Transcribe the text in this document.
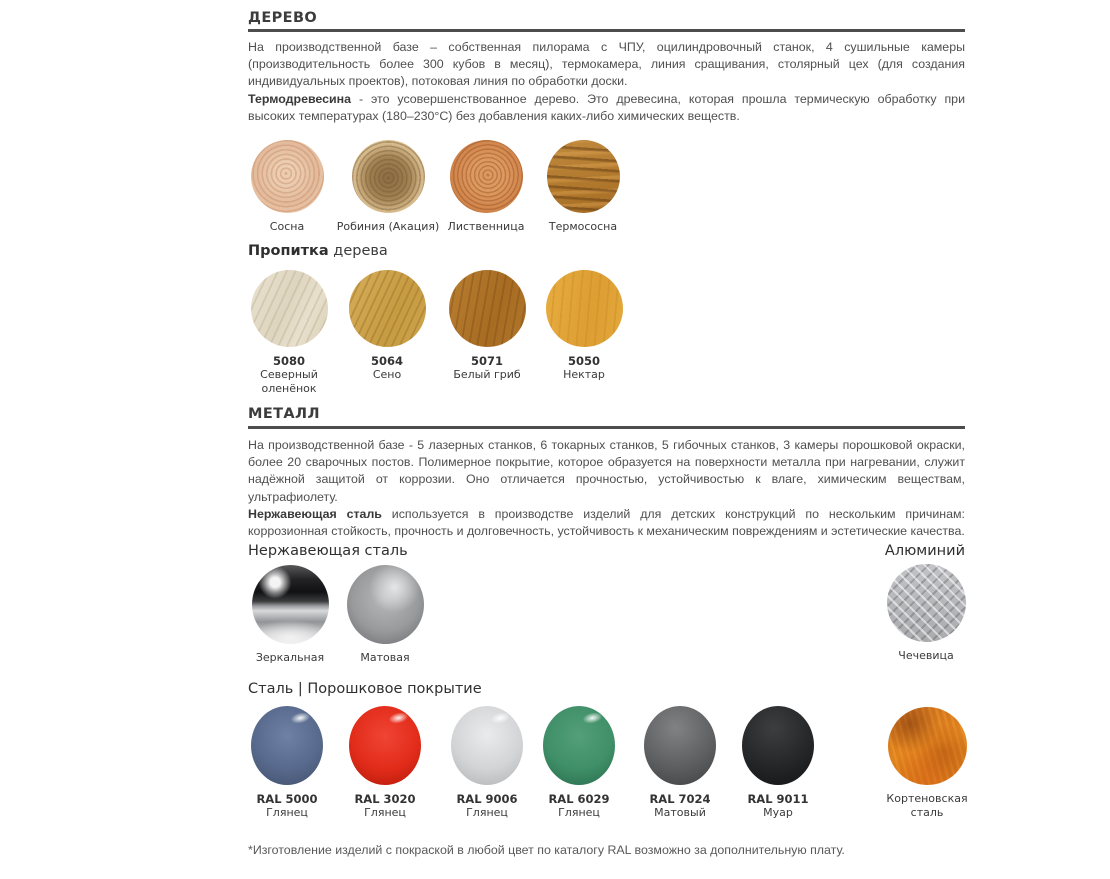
ДЕРЕВО
На производственной базе – собственная пилорама с ЧПУ, оцилиндровочный станок, 4 сушильные камеры (производительность более 300 кубов в месяц), термокамера, линия сращивания, столярный цех (для создания индивидуальных проектов), потоковая линия по обработки доски.
Термодревесина - это усовершенствованное дерево. Это древесина, которая прошла термическую обработку при высоких температурах (180–230°C) без добавления каких-либо химических веществ.
Сосна	Робиния (Акация) Лиственница Термососна
Пропитка дерева
5080
Северный оленёнок
5064
Сено
5071
Белый гриб
5050
Нектар
МЕТАЛЛ
На производственной базе - 5 лазерных станков, 6 токарных станков, 5 гибочных станков, 3 камеры порошковой окраски, более 20 сварочных постов. Полимерное покрытие, которое образуется на поверхности металла при нагревании, служит надёжной защитой от коррозии. Оно отличается прочностью, устойчивостью к влаге, химическим веществам, ультрафиолету.
Нержавеющая сталь используется в производстве изделий для детских конструкций по нескольким причинам: коррозионная стойкость, прочность и долговечность, устойчивость к механическим повреждениям и эстетические качества.
Нержавеющая сталь	Алюминий
Зеркальная	Матовая	Чечевица
Сталь | Порошковое покрытие
RAL 5000
Глянец
RAL 3020
Глянец
RAL 9006
Глянец
RAL 6029
Глянец
RAL 7024
Матовый
RAL 9011
Муар
Кортеновская сталь
*Изготовление изделий с покраской в любой цвет по каталогу RAL возможно за дополнительную плату.
